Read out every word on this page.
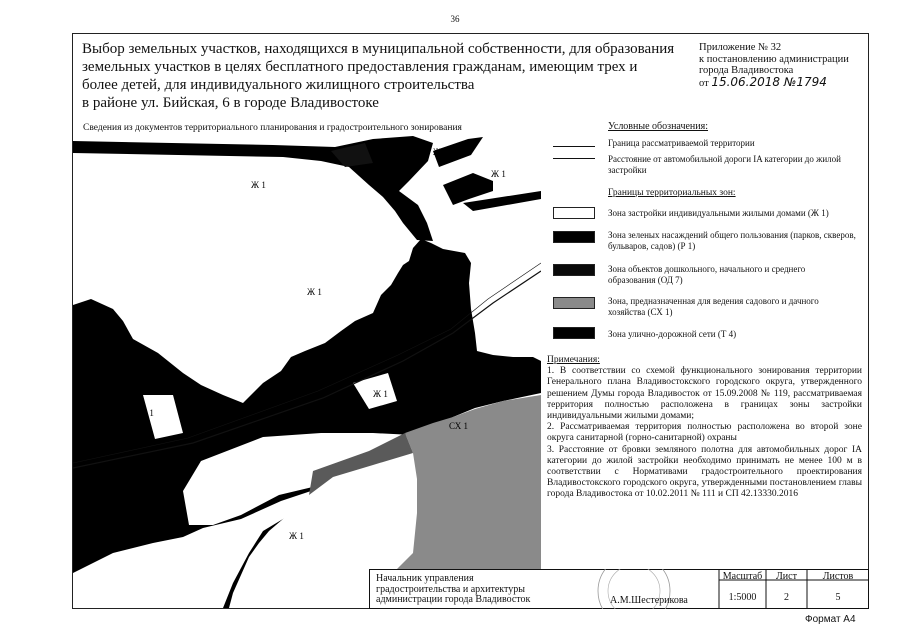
36
Выбор земельных участков, находящихся в муниципальной собственности, для образования
земельных участков в целях бесплатного предоставления гражданам, имеющим трех и
более детей, для индивидуального жилищного строительства
в районе ул. Бийская, 6 в городе Владивостоке
Приложение № 32
к постановлению администрации
города Владивостока
от 15.06.2018 №1794
Сведения из документов территориального планирования и градостроительного зонирования
Ж 1
Ж 1
Ж 1
Ж 1
Ж 1
Ж 1
Ж 1
СХ 1
Условные обозначения:
Граница рассматриваемой территории
Расстояние от автомобильной дороги IA категории до жилой застройки
Границы территориальных зон:
Зона застройки индивидуальными жилыми домами (Ж 1)
Зона зеленых насаждений общего пользования (парков, скверов, бульваров, садов) (Р 1)
Зона объектов дошкольного, начального и среднего образования (ОД 7)
Зона, предназначенная для ведения садового и дачного хозяйства (СХ 1)
Зона улично-дорожной сети (Т 4)

Примечания:

1. В соответствии со схемой функционального зонирования территории Генерального плана Владивостокского городского округа, утвержденного решением Думы города Владивосток от 15.09.2008 № 119, рассматриваемая территория полностью расположена в границах зоны застройки индивидуальными жилыми домами;

2. Рассматриваемая территория полностью расположена во второй зоне округа санитарной (горно-санитарной) охраны

3. Расстояние от бровки земляного полотна для автомобильных дорог IA категории до жилой застройки необходимо принимать не менее 100 м в соответствии с Нормативами градостроительного проектирования Владивостокского городского округа, утвержденными постановлением главы города Владивостока от 10.02.2011 № 111 и СП 42.13330.2016

Начальник управления
градостроительства и архитектуры
администрации города Владивосток	А.М.Шестерикова
Масштаб	Лист	Листов
1:5000	2	5
Формат А4
